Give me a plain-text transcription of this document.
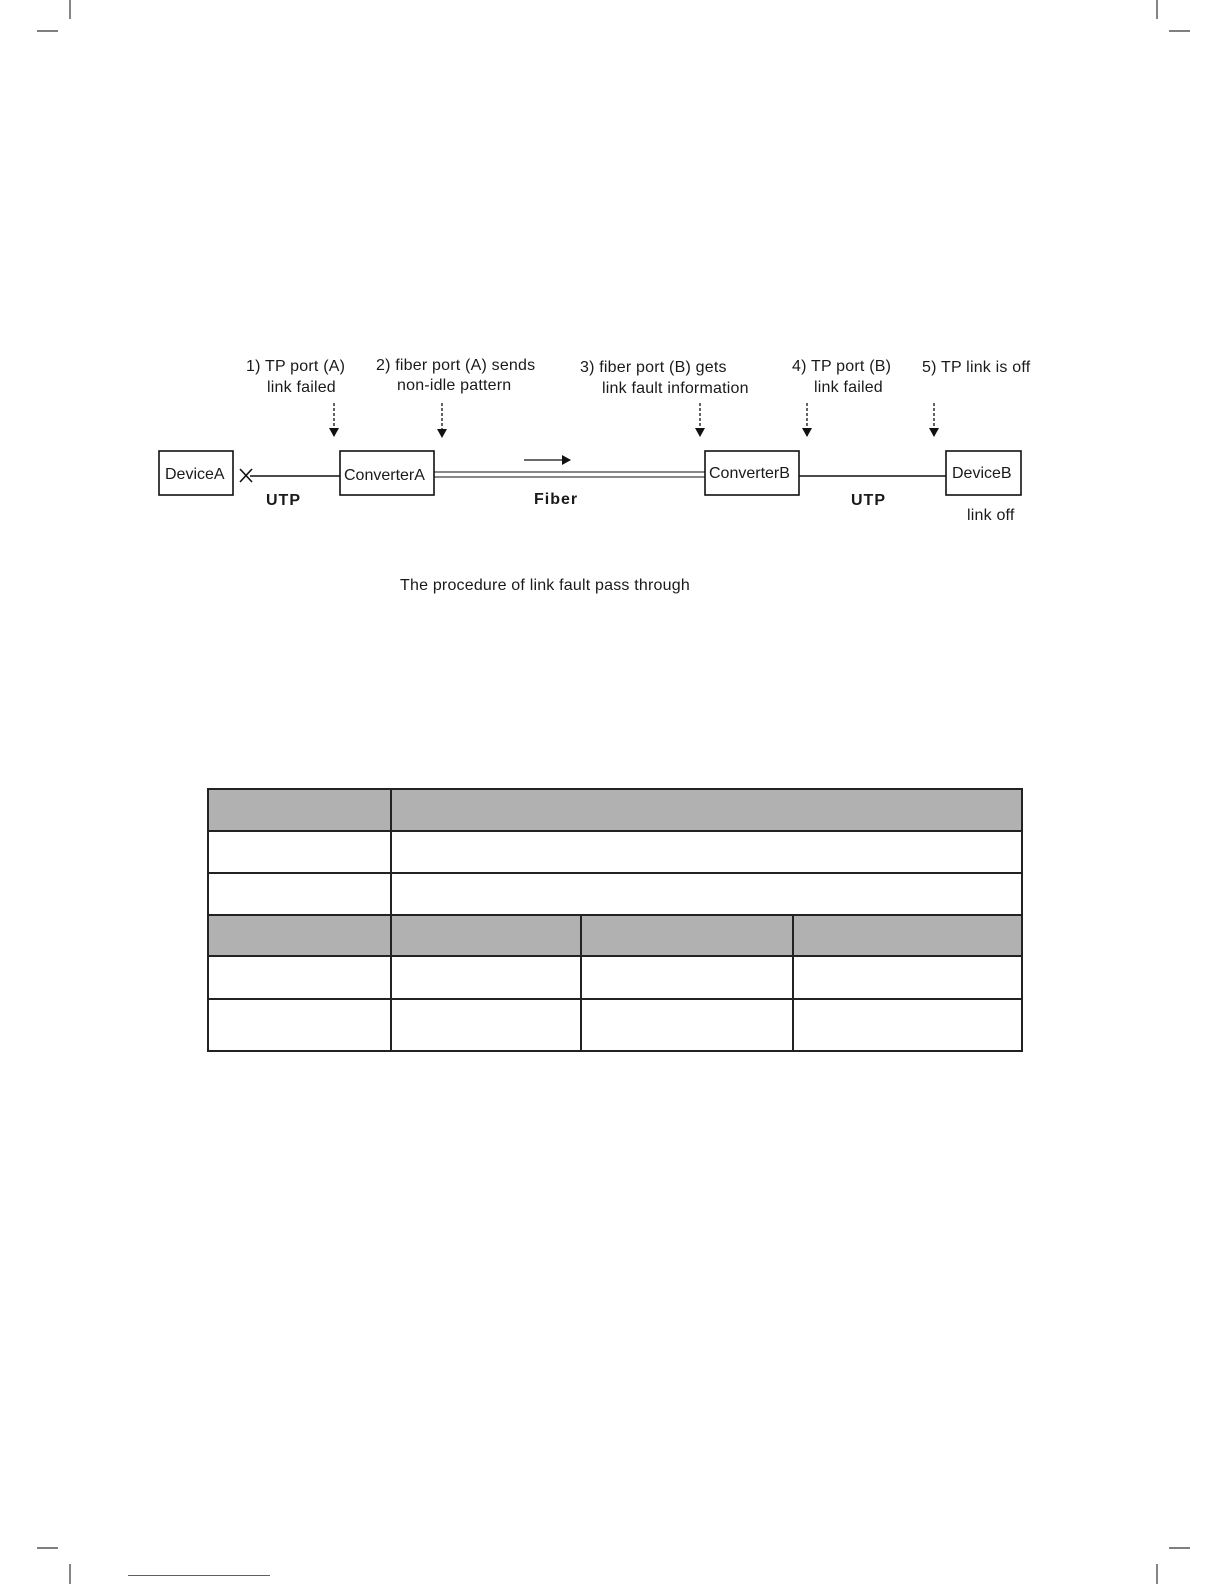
1) TP port (A)
link failed
2) fiber port (A) sends
non-idle pattern
3) fiber port (B) gets
link fault information
4) TP port (B)
link failed
5) TP link is off
DeviceA	ConverterA	ConverterB	DeviceB
UTP	Fiber	UTP
link off
The procedure of link fault pass through
